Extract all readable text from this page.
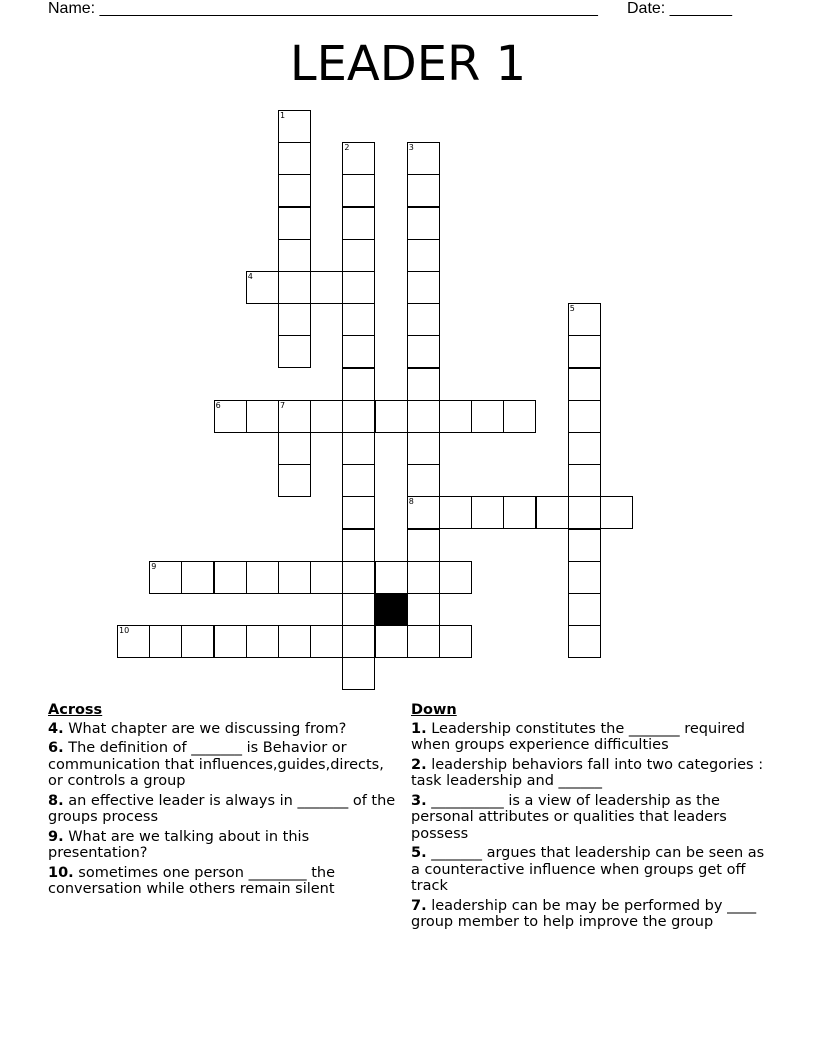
Name: ________________________________________________________ Date: _______
LEADER 1
1
2	3
4
5
6	7
8
9
10
Across
4. What chapter are we discussing from?
6. The definition of _______ is Behavior or communication that influences,guides,directs, or controls a group
8. an effective leader is always in _______ of the groups process
9. What are we talking about in this presentation?
10. sometimes one person ________ the conversation while others remain silent
Down
1. Leadership constitutes the _______ required when groups experience difficulties
2. leadership behaviors fall into two categories : task leadership and ______
3. __________ is a view of leadership as the personal attributes or qualities that leaders possess
5. _______ argues that leadership can be seen as a counteractive influence when groups get off track
7. leadership can be may be performed by ____ group member to help improve the group
